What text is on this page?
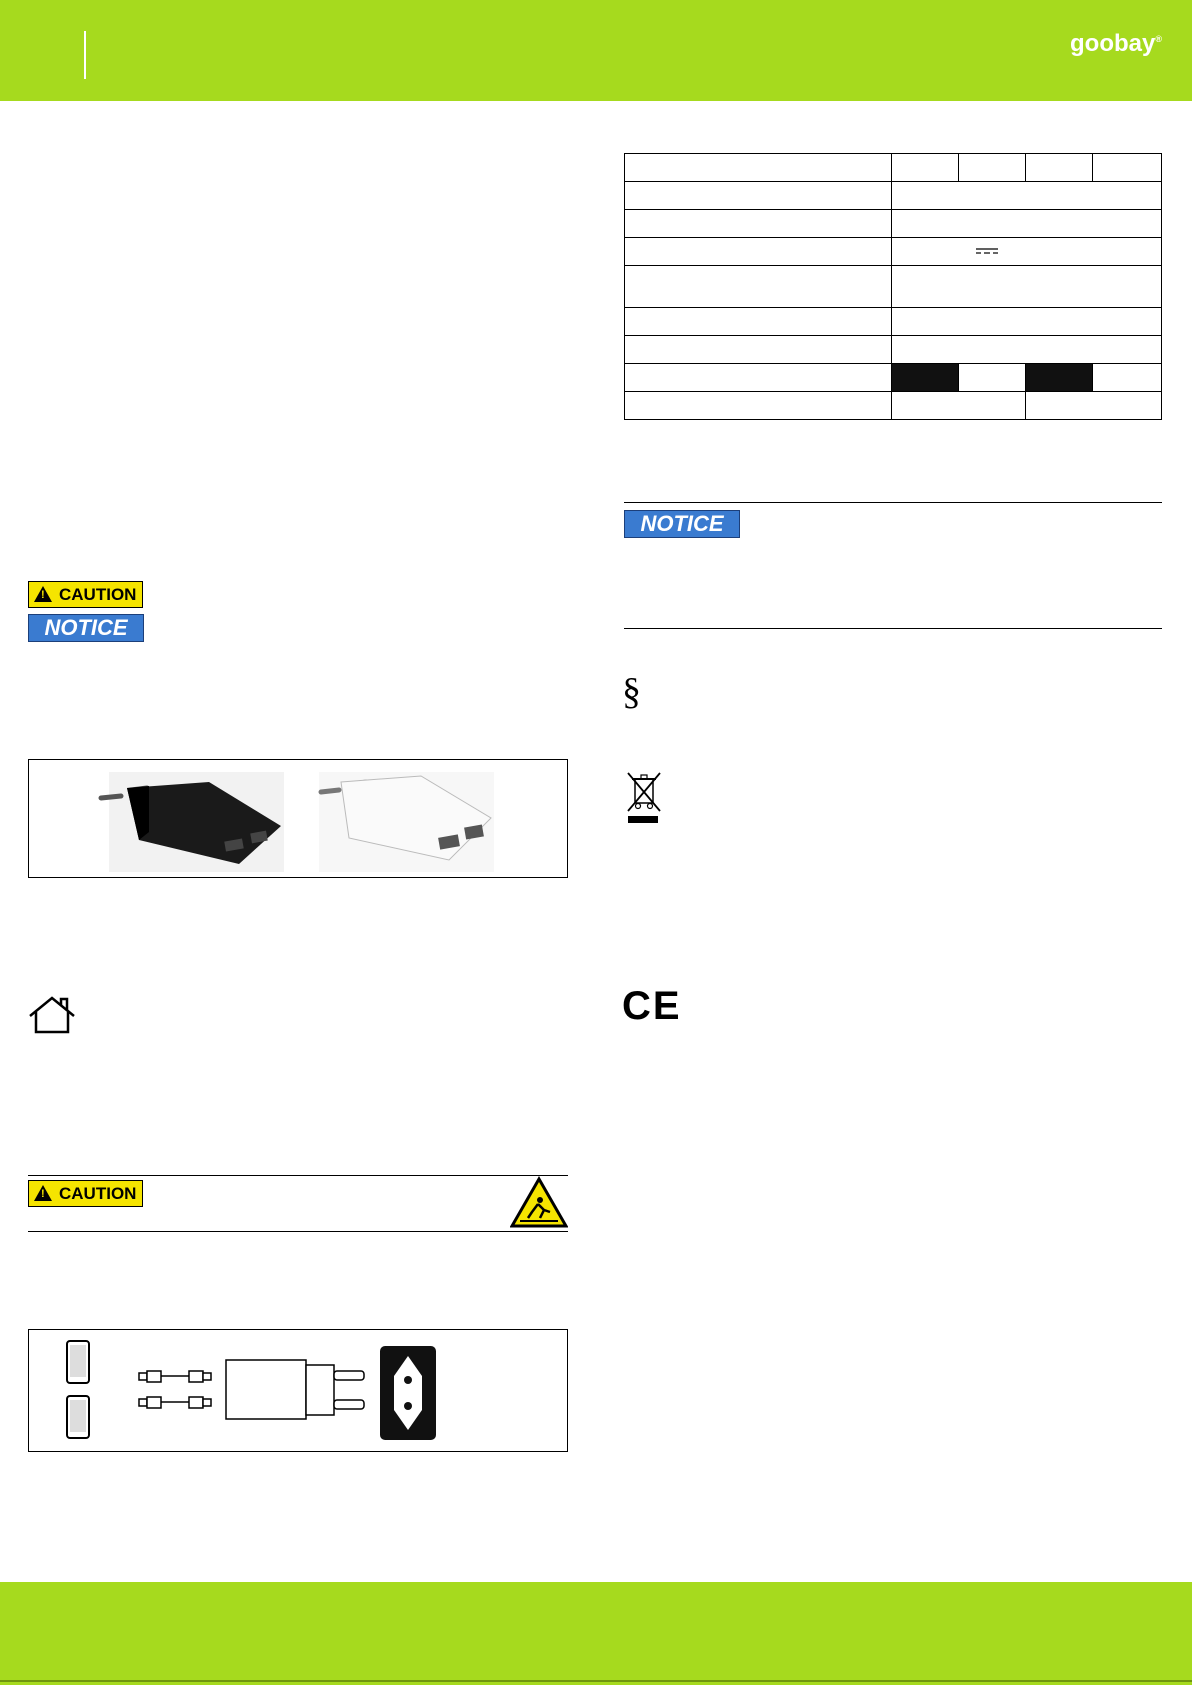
goobay®
!
CAUTION
NOTICE
!
CAUTION

NOTICE
§
CE
